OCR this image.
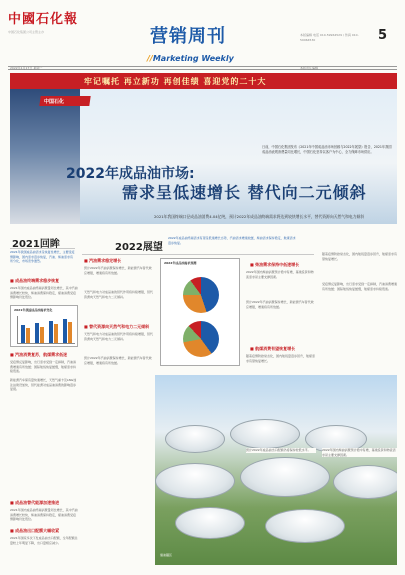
中國石化報
中国石化集团公司主管主办	营销周刊
//Marketing Weekly
本版编辑 电话 010-59964529 / 传真 010-59964530	5
2022年1月17日 星期一	本版责任编辑
牢记嘱托 再立新功 再创佳绩 喜迎党的二十大
中国石化
日前，中国石化集团发布《2021年中国成品油市场回顾与2022年展望》报告，2021年我国成品油表观消费量同比增长，中国石化坚持以客户为中心，全力保障市场供应。
2022年成品油市场:
需求呈低速增长 替代向二元倾斜
2021年我国终端口径成品油消费4.04亿吨，预计2022年成品油终端需求将达到较快增长水平，替代资源向天然气和电力倾斜
2021回眸
2021年我国成品油需求呈恢复性增长，主要受疫情影响，国内需求逐步恢复，汽油、柴油需求有所分化，市场竞争激烈。
■ 成品油终端需求稳步恢复
2021年国内成品油终端消费量同比增长，其中汽油消费增长较快，柴油消费保持稳定，煤油消费受疫情影响仍处低位。
2021年我国成品油需求变化
■ 汽油消费复苏，航煤需求低迷
受疫情反复影响，出行需求受到一定抑制，汽油消费增速有所放缓；国际航线恢复缓慢，航煤需求持续低迷。
新能源汽车保有量快速增长，天然气重卡及LNG加注站建设加快，替代能源对成品油消费的影响逐步显现。
■ 成品油替代能源加速推进
2021年国内成品油终端消费量同比增长，其中汽油消费增长较快，柴油消费保持稳定，煤油消费受疫情影响仍处低位。
■ 成品油出口配额大幅收紧
2021年国家多次下发成品油出口配额，全年配额总量较上年明显下降，出口量相应减少。
2022展望
2022年成品油终端需求有望呈低速增长态势，汽油需求增速放缓，柴油需求保持稳定，航煤需求逐步恢复。
■ 汽油需求稳定增长
预计2022年汽油消费保持增长，新能源汽车替代效应增强，增速将有所放缓。
天然气和电力对成品油的替代作用将持续增强，替代资源向天然气和电力二元倾斜。
■ 替代资源向天然气和电力二元倾斜
天然气和电力对成品油的替代作用将持续增强，替代资源向天然气和电力二元倾斜。
预计2022年汽油消费保持增长，新能源汽车替代效应增强，增速将有所放缓。
2022年成品油需求预测	■ 柴油需求保持中低速增长
2022年国内柴油消费预计稳中有增，基建投资和物流需求是主要支撑因素。
预计2022年汽油消费保持增长，新能源汽车替代效应增强，增速将有所放缓。
随着疫情防控常态化，国内航班量逐步回升，航煤需求有望恢复增长。
受疫情反复影响，出行需求受到一定抑制，汽油消费增速有所放缓；国际航线恢复缓慢，航煤需求持续低迷。
■ 航煤消费有望恢复增长
随着疫情防控常态化，国内航班量逐步回升，航煤需求有望恢复增长。
预计2022年成品油出口配额仍将保持较低水平。	2022年国内柴油消费预计稳中有增，基建投资和物流需求是主要支撑因素。
储油罐区
